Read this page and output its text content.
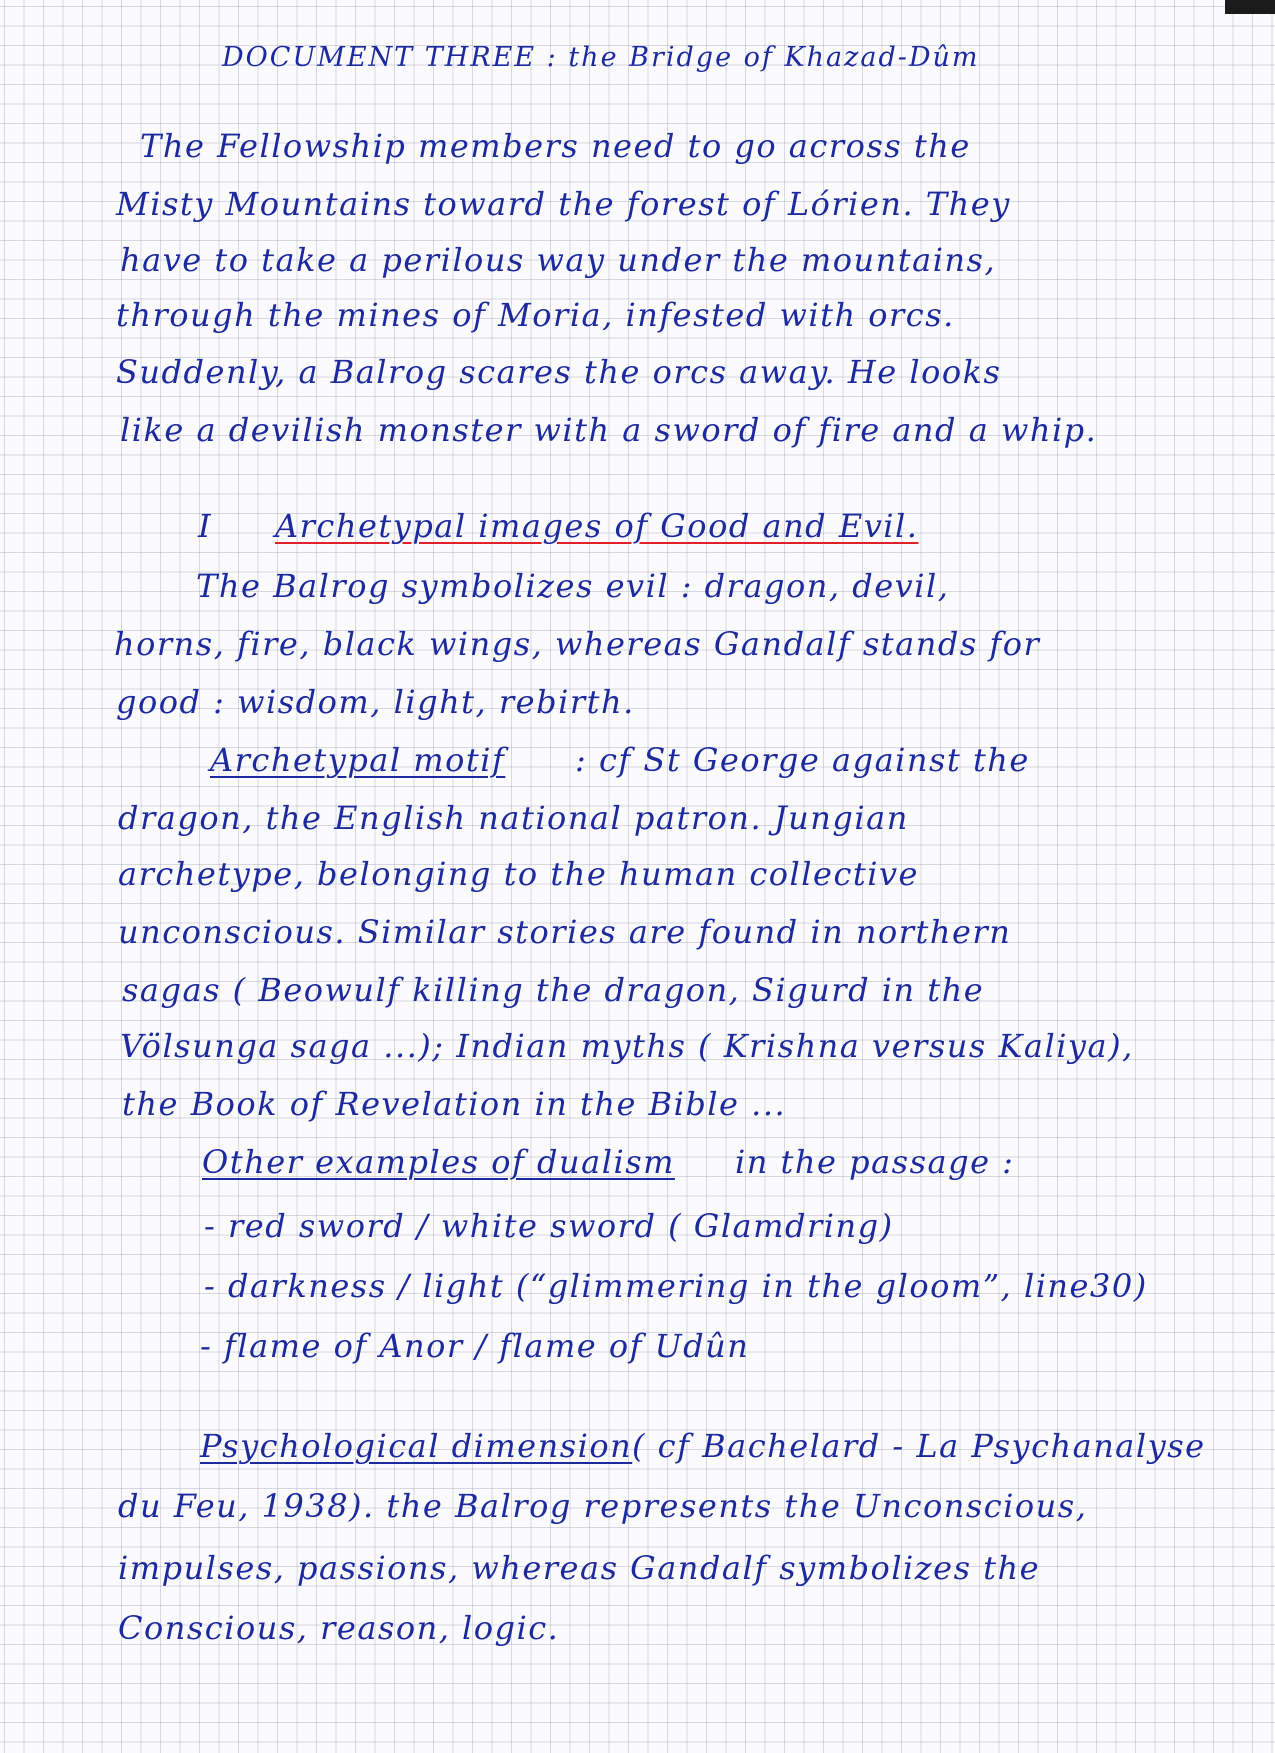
DOCUMENT THREE : the Bridge of Khazad-Dûm
The Fellowship members need to go across the
Misty Mountains toward the forest of Lórien. They
have to take a perilous way under the mountains,
through the mines of Moria, infested with orcs.
Suddenly, a Balrog scares the orcs away. He looks
like a devilish monster with a sword of fire and a whip.
I Archetypal images of Good and Evil.
The Balrog symbolizes evil : dragon, devil,
horns, fire, black wings, whereas Gandalf stands for
good : wisdom, light, rebirth.
Archetypal motif : cf St George against the
dragon, the English national patron. Jungian
archetype, belonging to the human collective
unconscious. Similar stories are found in northern
sagas ( Beowulf killing the dragon, Sigurd in the
Völsunga saga ...); Indian myths ( Krishna versus Kaliya),
the Book of Revelation in the Bible ...
Other examples of dualism in the passage :
- red sword / white sword ( Glamdring)
- darkness / light (“glimmering in the gloom”, line30)
- flame of Anor / flame of Udûn
Psychological dimension ( cf Bachelard - La Psychanalyse
du Feu, 1938). the Balrog represents the Unconscious,
impulses, passions, whereas Gandalf symbolizes the
Conscious, reason, logic.
